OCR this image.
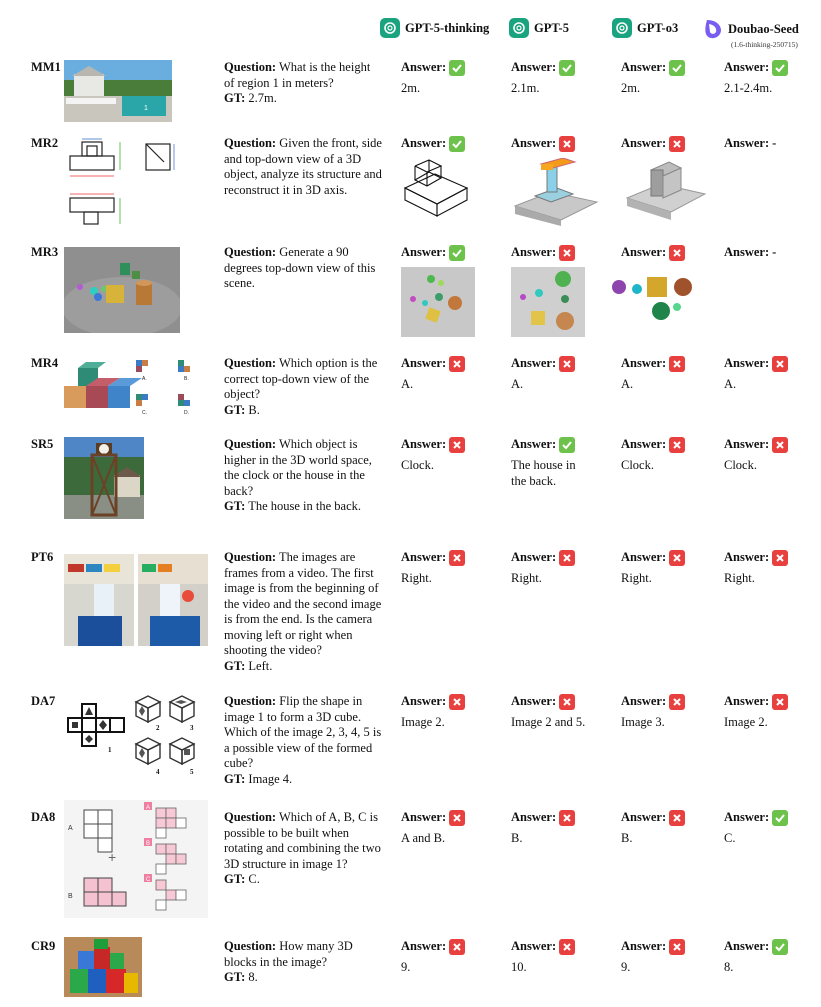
GPT-5-thinking	GPT-5	GPT-o3	Doubao-Seed
(1.6-thinking-250715)
MM1
1
Question: What is the height of region 1 in meters?
GT: 2.7m.
Answer:
2m.
Answer:
2.1m.
Answer:
2m.
Answer:
2.1-2.4m.
MR2	Question: Given the front, side and top-down view of a 3D object, analyze its structure and reconstruct it in 3D axis.
Answer:	Answer:	Answer:	Answer: -
MR3	Question: Generate a 90 degrees top-down view of this scene.
Answer:	Answer:	Answer:	Answer: -
MR4
A.	B.
C.	D.
Question: Which option is the correct top-down view of the object?
GT: B.
Answer:
A.
Answer:
A.
Answer:
A.
Answer:
A.
SR5	Question: Which object is higher in the 3D world space, the clock or the house in the back?
GT: The house in the back.
Answer:
Clock.
Answer:
The house in the back.
Answer:
Clock.
Answer:
Clock.
PT6	Question: The images are frames from a video. The first image is from the beginning of the video and the second image is from the end. Is the camera moving left or right when shooting the video?
GT: Left.
Answer:
Right.
Answer:
Right.
Answer:
Right.
Answer:
Right.
DA7
1
2	3
4	5
Question: Flip the shape in image 1 to form a 3D cube. Which of the image 2, 3, 4, 5 is a possible view of the formed cube?
GT: Image 4.
Answer:
Image 2.
Answer:
Image 2 and 5.
Answer:
Image 3.
Answer:
Image 2.
DA8
+
A
B
C
A
B
Question: Which of A, B, C is possible to be built when rotating and combining the two 3D structure in image 1?
GT: C.
Answer:
A and B.
Answer:
B.
Answer:
B.
Answer:
C.
CR9	Question: How many 3D blocks in the image?
GT: 8.
Answer:
9.
Answer:
10.
Answer:
9.
Answer:
8.
